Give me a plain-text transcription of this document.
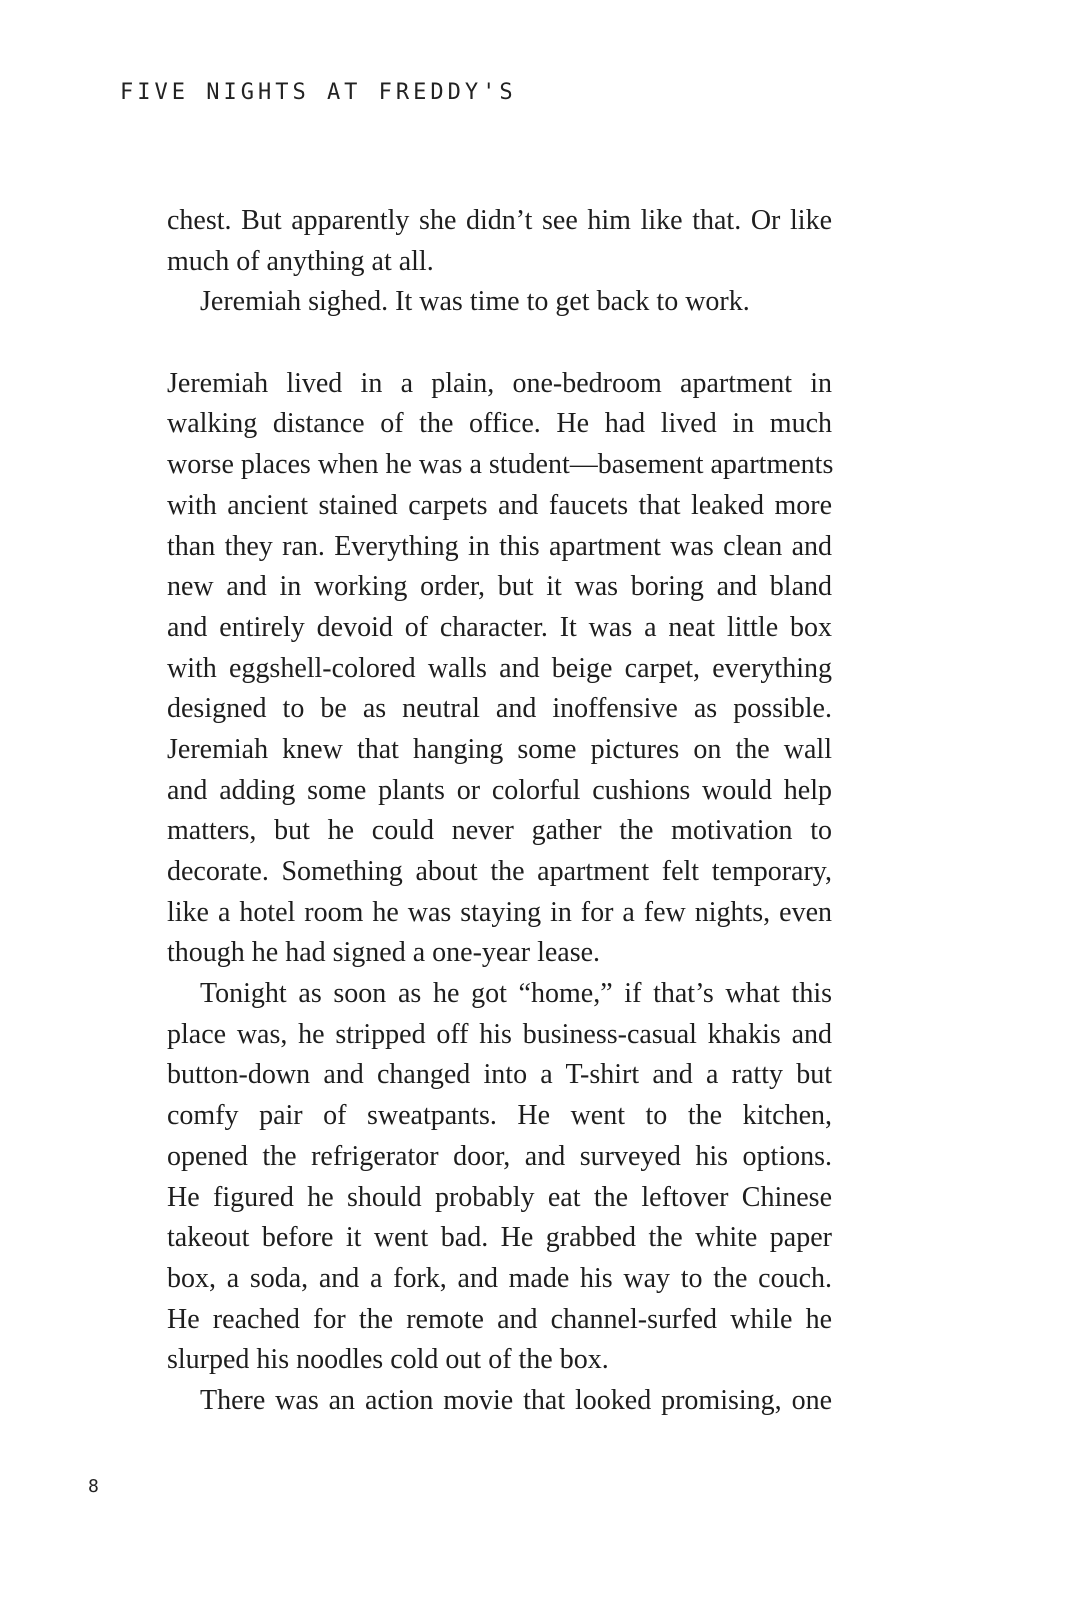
FIVE NIGHTS AT FREDDY'S
chest. But apparently she didn’t see him like that. Or like
much of anything at all.
Jeremiah sighed. It was time to get back to work.
Jeremiah lived in a plain, one-bedroom apartment in
walking distance of the office. He had lived in much
worse places when he was a student—basement apartments
with ancient stained carpets and faucets that leaked more
than they ran. Everything in this apartment was clean and
new and in working order, but it was boring and bland
and entirely devoid of character. It was a neat little box
with eggshell-colored walls and beige carpet, everything
designed to be as neutral and inoffensive as possible.
Jeremiah knew that hanging some pictures on the wall
and adding some plants or colorful cushions would help
matters, but he could never gather the motivation to
decorate. Something about the apartment felt temporary,
like a hotel room he was staying in for a few nights, even
though he had signed a one-year lease.
Tonight as soon as he got “home,” if that’s what this
place was, he stripped off his business-casual khakis and
button-down and changed into a T-shirt and a ratty but
comfy pair of sweatpants. He went to the kitchen,
opened the refrigerator door, and surveyed his options.
He figured he should probably eat the leftover Chinese
takeout before it went bad. He grabbed the white paper
box, a soda, and a fork, and made his way to the couch.
He reached for the remote and channel-surfed while he
slurped his noodles cold out of the box.
There was an action movie that looked promising, one
8
